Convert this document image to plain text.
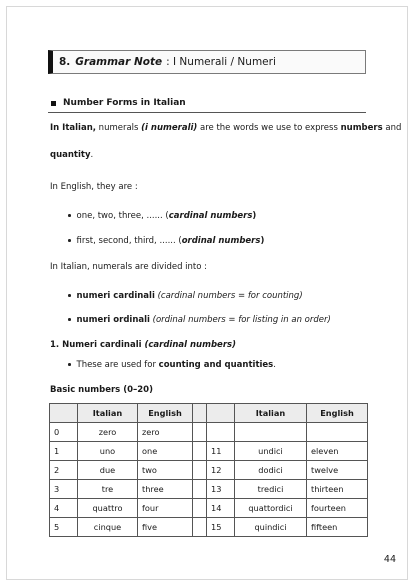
8. Grammar Note : I Numerali / Numeri
Number Forms in Italian
In Italian, numerals (i numerali) are the words we use to express numbers and
quantity.
In English, they are :
one, two, three, ...... (cardinal numbers)
first, second, third, ...... (ordinal numbers)
In Italian, numerals are divided into :
numeri cardinali (cardinal numbers = for counting)
numeri ordinali (ordinal numbers = for listing in an order)
1. Numeri cardinali (cardinal numbers)
These are used for counting and quantities.
Basic numbers (0–20)
	Italian	English			Italian	English
0	zero	zero				
1	uno	one		11	undici	eleven
2	due	two		12	dodici	twelve
3	tre	three		13	tredici	thirteen
4	quattro	four		14	quattordici	fourteen
5	cinque	five		15	quindici	fifteen
44
